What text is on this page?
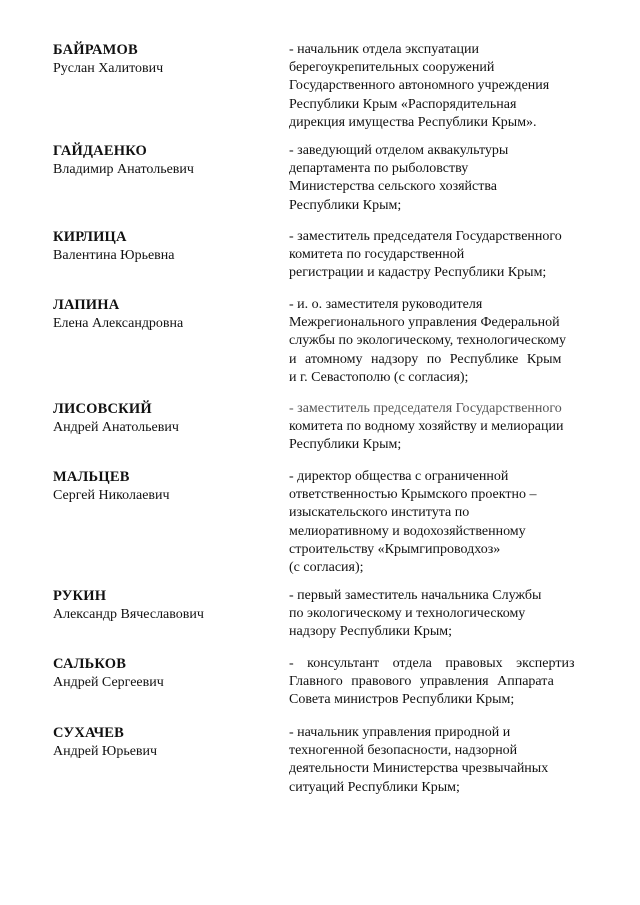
БАЙРАМОВ
Руслан Халитович
- начальник отдела экспуатации
берегоукрепительных сооружений
Государственного автономного учреждения
Республики Крым «Распорядительная
дирекция имущества Республики Крым».
ГАЙДАЕНКО
Владимир Анатольевич
- заведующий отделом аквакультуры
департамента по рыболовству
Министерства сельского хозяйства
Республики Крым;
КИРЛИЦА
Валентина Юрьевна
- заместитель председателя Государственного
комитета по государственной
регистрации и кадастру Республики Крым;
ЛАПИНА
Елена Александровна
- и. о. заместителя руководителя
Межрегионального управления Федеральной
службы по экологическому, технологическому
и атомному надзору по Республике Крым
и г. Севастополю (с согласия);
ЛИСОВСКИЙ
Андрей Анатольевич
- заместитель председателя Государственного
комитета по водному хозяйству и мелиорации
Республики Крым;
МАЛЬЦЕВ
Сергей Николаевич
- директор общества с ограниченной
ответственностью Крымского проектно –
изыскательского института по
мелиоративному и водохозяйственному
строительству «Крымгипроводхоз»
(с согласия);
РУКИН
Александр Вячеславович
- первый заместитель начальника Службы
по экологическому и технологическому
надзору Республики Крым;
САЛЬКОВ
Андрей Сергеевич
- консультант отдела правовых экспертиз
Главного правового управления Аппарата
Совета министров Республики Крым;
СУХАЧЕВ
Андрей Юрьевич
- начальник управления природной и
техногенной безопасности, надзорной
деятельности Министерства чрезвычайных
ситуаций Республики Крым;
